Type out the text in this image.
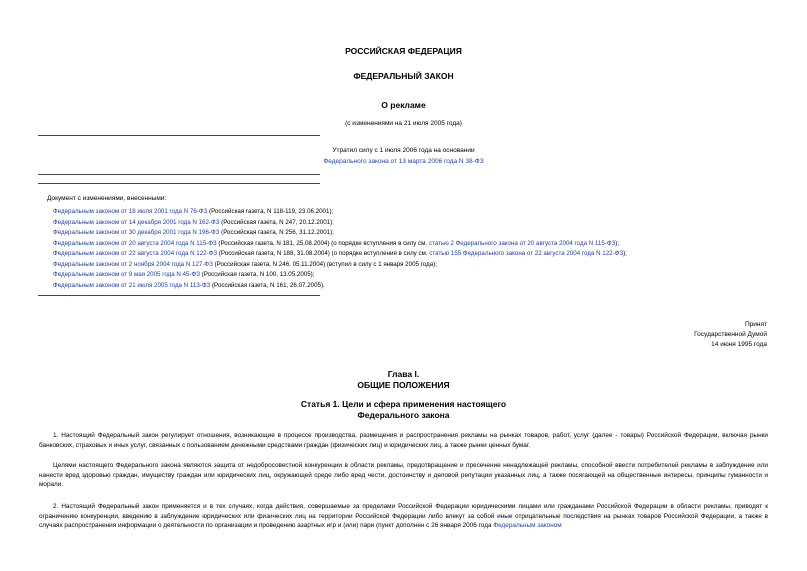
РОССИЙСКАЯ ФЕДЕРАЦИЯ
ФЕДЕРАЛЬНЫЙ ЗАКОН
О рекламе
(с изменениями на 21 июля 2005 года)
Утратил силу с 1 июля 2006 года на основании
Федерального закона от 13 марта 2006 года N 38-ФЗ
Документ с изменениями, внесенными:
Федеральным законом от 18 июля 2001 года N 76-ФЗ (Российская газета, N 118-119, 23.06.2001);
Федеральным законом от 14 декабря 2001 года N 162-ФЗ (Российская газета, N 247, 20.12.2001);
Федеральным законом от 30 декабря 2001 года N 196-ФЗ (Российская газета, N 256, 31.12.2001);
Федеральным законом от 20 августа 2004 года N 115-ФЗ (Российская газета, N 181, 25.08.2004) (о порядке вступления в силу см. статью 2 Федерального закона от 20 августа 2004 года N 115-ФЗ);
Федеральным законом от 22 августа 2004 года N 122-ФЗ (Российская газета, N 188, 31.08.2004) (о порядке вступления в силу см. статью 155 Федерального закона от 22 августа 2004 года N 122-ФЗ);
Федеральным законом от 2 ноября 2004 года N 127-ФЗ (Российская газета, N 246, 05.11.2004) (вступил в силу с 1 января 2005 года);
Федеральным законом от 9 мая 2005 года N 45-ФЗ (Российская газета, N 100, 13.05.2005);
Федеральным законом от 21 июля 2005 года N 113-ФЗ (Российская газета, N 161, 26.07.2005).
Принят
Государственной Думой
14 июня 1995 года
Глава I.
ОБЩИЕ ПОЛОЖЕНИЯ
Статья 1. Цели и сфера применения настоящего
Федерального закона

1. Настоящий Федеральный закон регулирует отношения, возникающие в процессе производства, размещения и распространения рекламы на рынках товаров, работ, услуг (далее - товары) Российской Федерации, включая рынки банковских, страховых и иных услуг, связанных с пользованием денежными средствами граждан (физических лиц) и юридических лиц, а также рынки ценных бумаг.

Целями настоящего Федерального закона являются защита от недобросовестной конкуренции в области рекламы, предотвращение и пресечение ненадлежащей рекламы, способной ввести потребителей рекламы в заблуждение или нанести вред здоровью граждан, имуществу граждан или юридических лиц, окружающей среде либо вред чести, достоинству и деловой репутации указанных лиц, а также посягающей на общественные интересы, принципы гуманности и морали.

2. Настоящий Федеральный закон применяется и в тех случаях, когда действия, совершаемые за пределами Российской Федерации юридическими лицами или гражданами Российской Федерации в области рекламы, приводят к ограничению конкуренции, введению в заблуждение юридических или физических лиц на территории Российской Федерации либо влекут за собой иные отрицательные последствия на рынках товаров Российской Федерации, а также в случаях распространения информации о деятельности по организации и проведению азартных игр и (или) пари (пункт дополнен с 26 января 2006 года Федеральным законом
